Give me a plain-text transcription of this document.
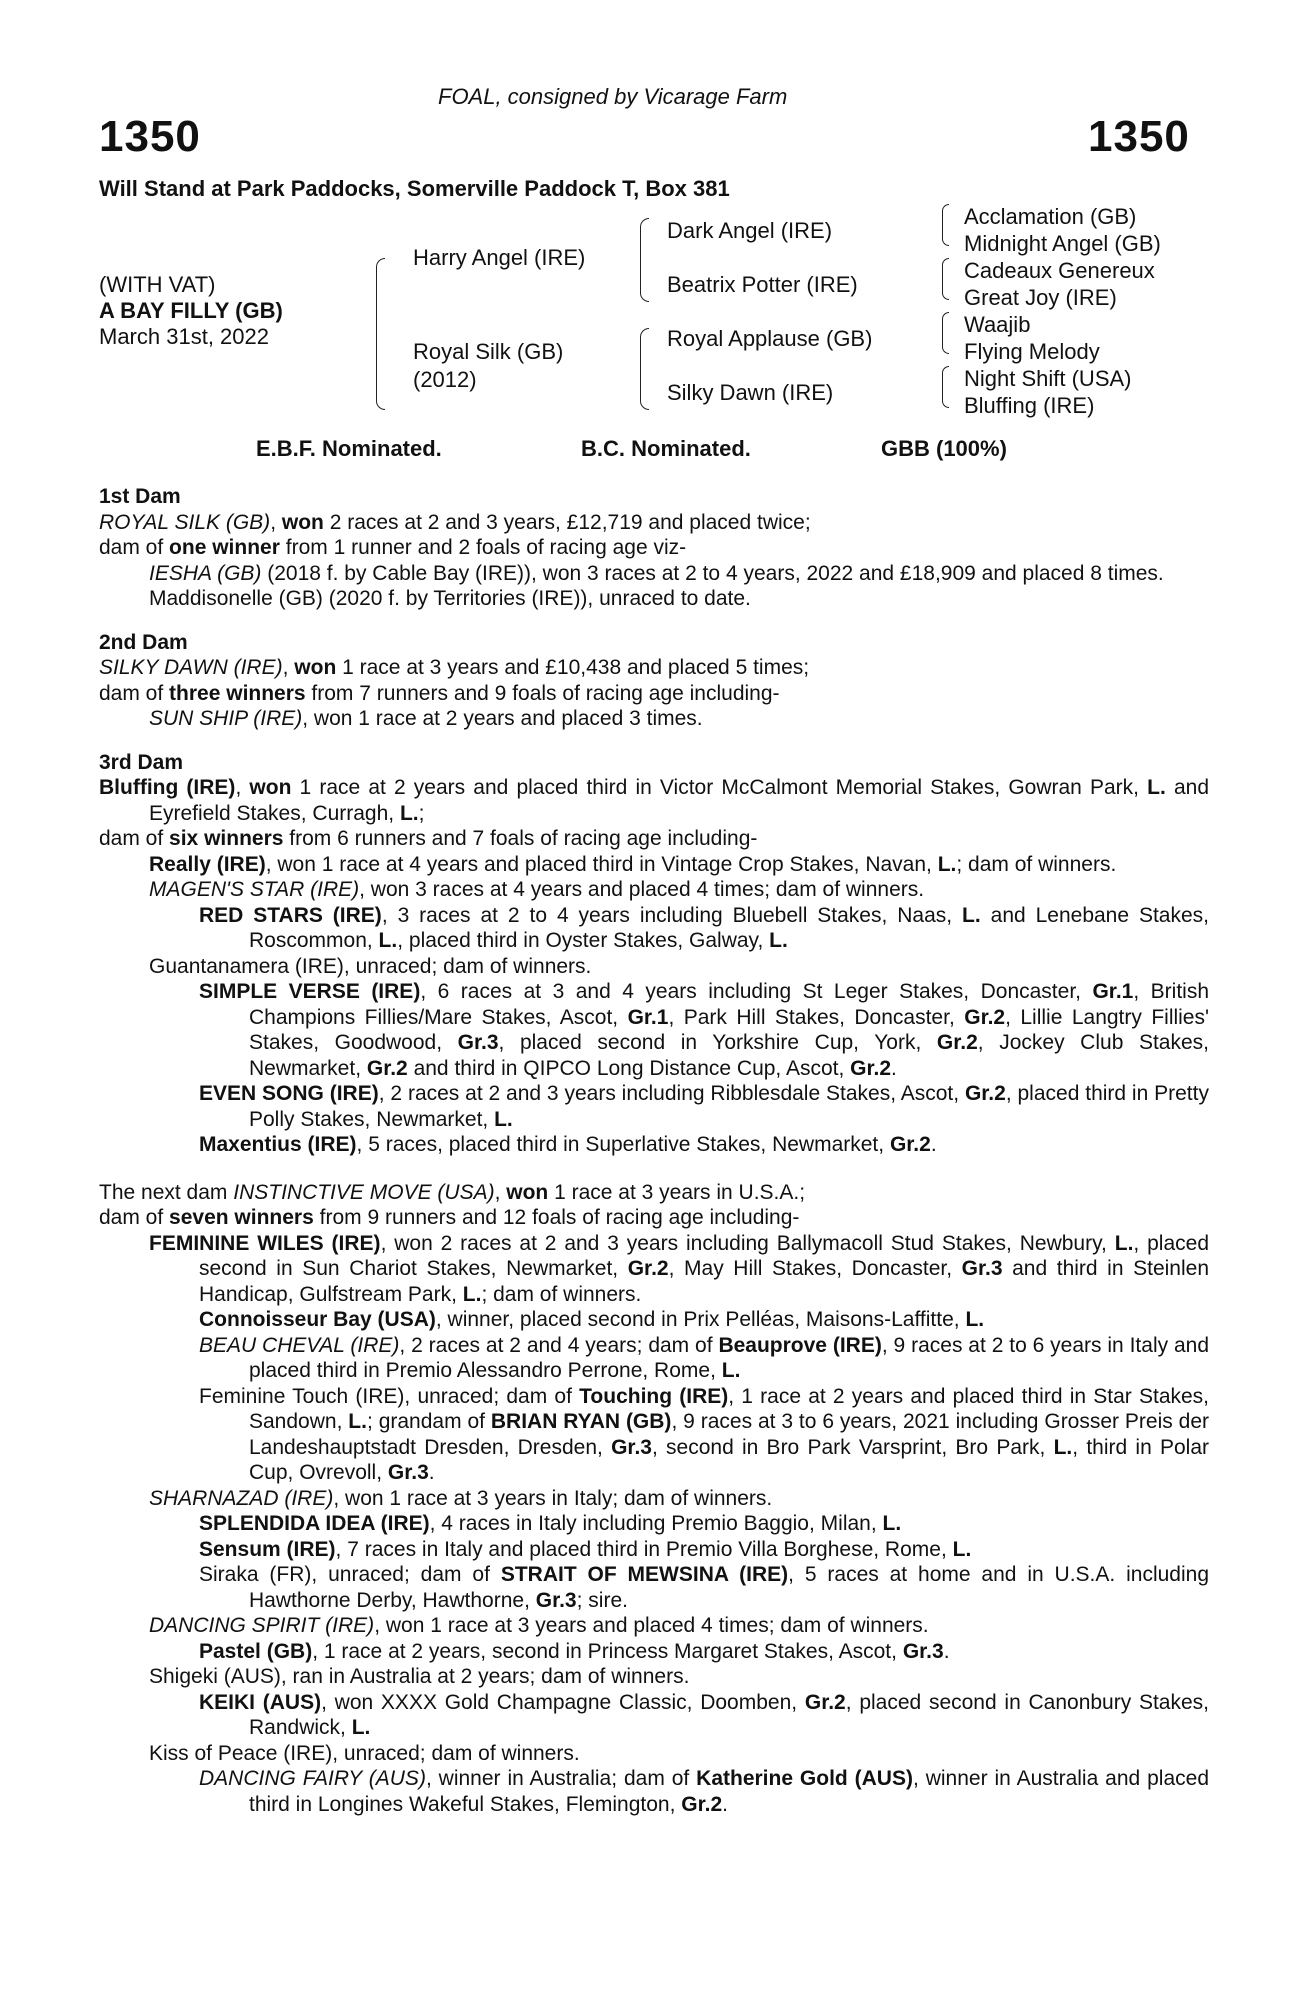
FOAL, consigned by Vicarage Farm
1350	1350
Will Stand at Park Paddocks, Somerville Paddock T, Box 381
(WITH VAT)
A BAY FILLY (GB)
March 31st, 2022
Harry Angel (IRE)
Royal Silk (GB)
(2012)
Dark Angel (IRE)
Beatrix Potter (IRE)
Royal Applause (GB)
Silky Dawn (IRE)
Acclamation (GB)
Midnight Angel (GB)
Cadeaux Genereux
Great Joy (IRE)
Waajib
Flying Melody
Night Shift (USA)
Bluffing (IRE)
E.B.F. Nominated.	B.C. Nominated.	GBB (100%)

1st Dam

ROYAL SILK (GB), won 2 races at 2 and 3 years, £12,719 and placed twice;

dam of one winner from 1 runner and 2 foals of racing age viz-

IESHA (GB) (2018 f. by Cable Bay (IRE)), won 3 races at 2 to 4 years, 2022 and £18,909 and placed 8 times.

Maddisonelle (GB) (2020 f. by Territories (IRE)), unraced to date.

2nd Dam

SILKY DAWN (IRE), won 1 race at 3 years and £10,438 and placed 5 times;

dam of three winners from 7 runners and 9 foals of racing age including-

SUN SHIP (IRE), won 1 race at 2 years and placed 3 times.

3rd Dam

Bluffing (IRE), won 1 race at 2 years and placed third in Victor McCalmont Memorial Stakes, Gowran Park, L. and Eyrefield Stakes, Curragh, L.;

dam of six winners from 6 runners and 7 foals of racing age including-

Really (IRE), won 1 race at 4 years and placed third in Vintage Crop Stakes, Navan, L.; dam of winners.

MAGEN'S STAR (IRE), won 3 races at 4 years and placed 4 times; dam of winners.

RED STARS (IRE), 3 races at 2 to 4 years including Bluebell Stakes, Naas, L. and Lenebane Stakes, Roscommon, L., placed third in Oyster Stakes, Galway, L.

Guantanamera (IRE), unraced; dam of winners.

SIMPLE VERSE (IRE), 6 races at 3 and 4 years including St Leger Stakes, Doncaster, Gr.1, British Champions Fillies/Mare Stakes, Ascot, Gr.1, Park Hill Stakes, Doncaster, Gr.2, Lillie Langtry Fillies' Stakes, Goodwood, Gr.3, placed second in Yorkshire Cup, York, Gr.2, Jockey Club Stakes, Newmarket, Gr.2 and third in QIPCO Long Distance Cup, Ascot, Gr.2.

EVEN SONG (IRE), 2 races at 2 and 3 years including Ribblesdale Stakes, Ascot, Gr.2, placed third in Pretty Polly Stakes, Newmarket, L.

Maxentius (IRE), 5 races, placed third in Superlative Stakes, Newmarket, Gr.2.

The next dam INSTINCTIVE MOVE (USA), won 1 race at 3 years in U.S.A.;

dam of seven winners from 9 runners and 12 foals of racing age including-

FEMININE WILES (IRE), won 2 races at 2 and 3 years including Ballymacoll Stud Stakes, Newbury, L., placed second in Sun Chariot Stakes, Newmarket, Gr.2, May Hill Stakes, Doncaster, Gr.3 and third in Steinlen Handicap, Gulfstream Park, L.; dam of winners.

Connoisseur Bay (USA), winner, placed second in Prix Pelléas, Maisons-Laffitte, L.

BEAU CHEVAL (IRE), 2 races at 2 and 4 years; dam of Beauprove (IRE), 9 races at 2 to 6 years in Italy and placed third in Premio Alessandro Perrone, Rome, L.

Feminine Touch (IRE), unraced; dam of Touching (IRE), 1 race at 2 years and placed third in Star Stakes, Sandown, L.; grandam of BRIAN RYAN (GB), 9 races at 3 to 6 years, 2021 including Grosser Preis der Landeshauptstadt Dresden, Dresden, Gr.3, second in Bro Park Varsprint, Bro Park, L., third in Polar Cup, Ovrevoll, Gr.3.

SHARNAZAD (IRE), won 1 race at 3 years in Italy; dam of winners.

SPLENDIDA IDEA (IRE), 4 races in Italy including Premio Baggio, Milan, L.

Sensum (IRE), 7 races in Italy and placed third in Premio Villa Borghese, Rome, L.

Siraka (FR), unraced; dam of STRAIT OF MEWSINA (IRE), 5 races at home and in U.S.A. including Hawthorne Derby, Hawthorne, Gr.3; sire.

DANCING SPIRIT (IRE), won 1 race at 3 years and placed 4 times; dam of winners.

Pastel (GB), 1 race at 2 years, second in Princess Margaret Stakes, Ascot, Gr.3.

Shigeki (AUS), ran in Australia at 2 years; dam of winners.

KEIKI (AUS), won XXXX Gold Champagne Classic, Doomben, Gr.2, placed second in Canonbury Stakes, Randwick, L.

Kiss of Peace (IRE), unraced; dam of winners.

DANCING FAIRY (AUS), winner in Australia; dam of Katherine Gold (AUS), winner in Australia and placed third in Longines Wakeful Stakes, Flemington, Gr.2.
